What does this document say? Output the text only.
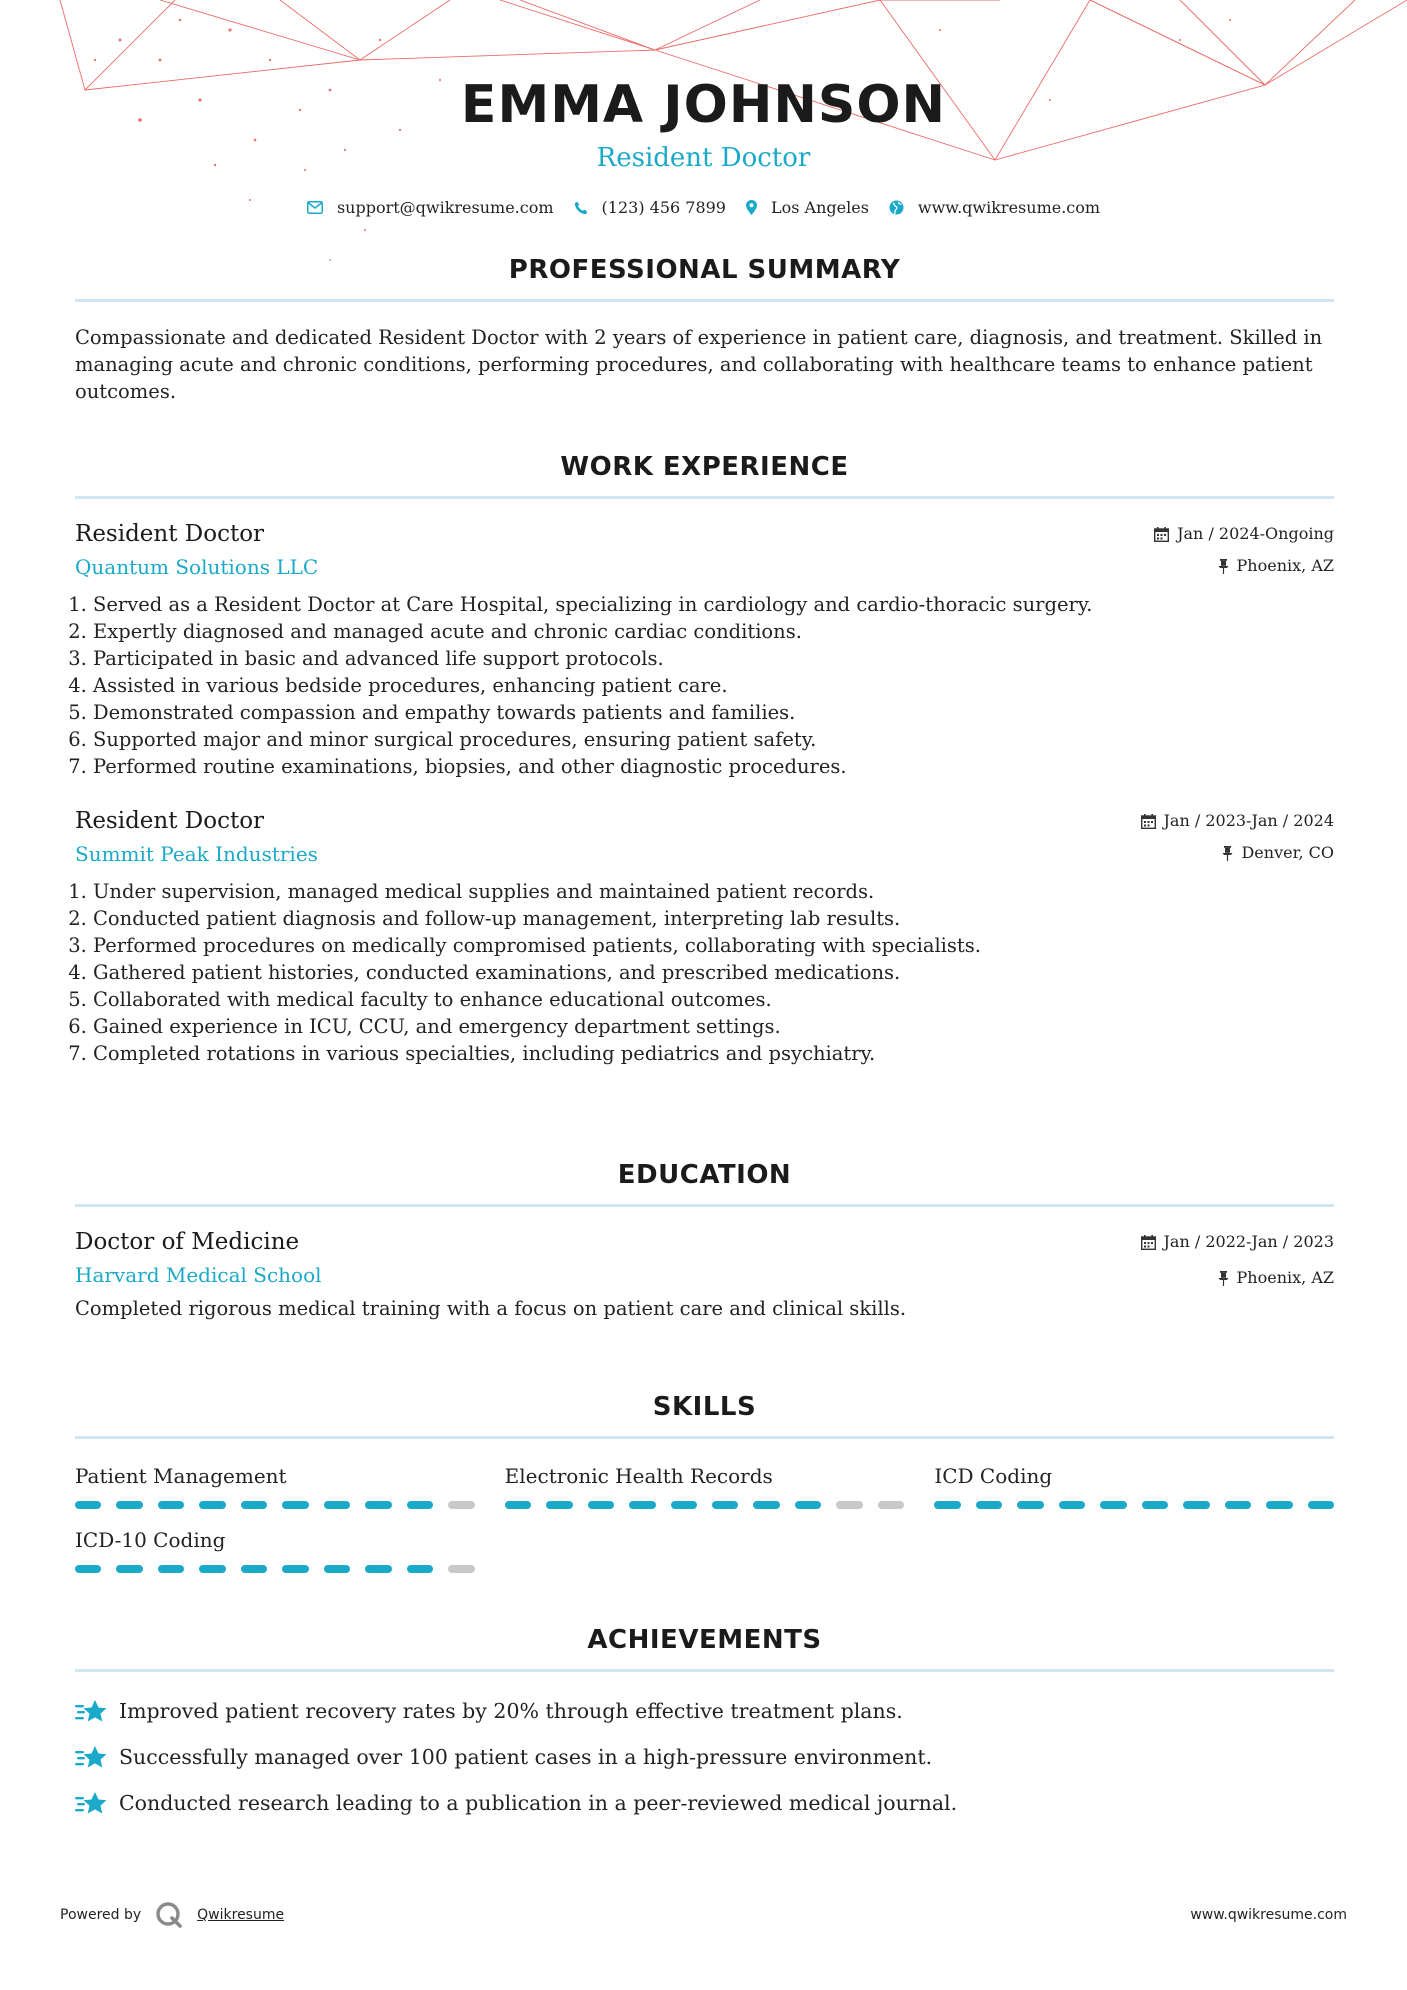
EMMA JOHNSON
Resident Doctor
support@qwikresume.com	(123) 456 7899	Los Angeles	www.qwikresume.com
PROFESSIONAL SUMMARY
Compassionate and dedicated Resident Doctor with 2 years of experience in patient care, diagnosis, and treatment. Skilled in managing acute and chronic conditions, performing procedures, and collaborating with healthcare teams to enhance patient outcomes.
WORK EXPERIENCE
Jan / 2024-Ongoing
Phoenix, AZ
Resident Doctor
Quantum Solutions LLC
1. Served as a Resident Doctor at Care Hospital, specializing in cardiology and cardio-thoracic surgery.
2. Expertly diagnosed and managed acute and chronic cardiac conditions.
3. Participated in basic and advanced life support protocols.
4. Assisted in various bedside procedures, enhancing patient care.
5. Demonstrated compassion and empathy towards patients and families.
6. Supported major and minor surgical procedures, ensuring patient safety.
7. Performed routine examinations, biopsies, and other diagnostic procedures.
Jan / 2023-Jan / 2024
Denver, CO
Resident Doctor
Summit Peak Industries
1. Under supervision, managed medical supplies and maintained patient records.
2. Conducted patient diagnosis and follow-up management, interpreting lab results.
3. Performed procedures on medically compromised patients, collaborating with specialists.
4. Gathered patient histories, conducted examinations, and prescribed medications.
5. Collaborated with medical faculty to enhance educational outcomes.
6. Gained experience in ICU, CCU, and emergency department settings.
7. Completed rotations in various specialties, including pediatrics and psychiatry.
EDUCATION
Jan / 2022-Jan / 2023
Phoenix, AZ
Doctor of Medicine
Harvard Medical School
Completed rigorous medical training with a focus on patient care and clinical skills.
SKILLS
Patient Management	Electronic Health Records	ICD Coding
ICD-10 Coding
ACHIEVEMENTS
Improved patient recovery rates by 20% through effective treatment plans.
Successfully managed over 100 patient cases in a high-pressure environment.
Conducted research leading to a publication in a peer-reviewed medical journal.
Powered by	Qwikresume	www.qwikresume.com
